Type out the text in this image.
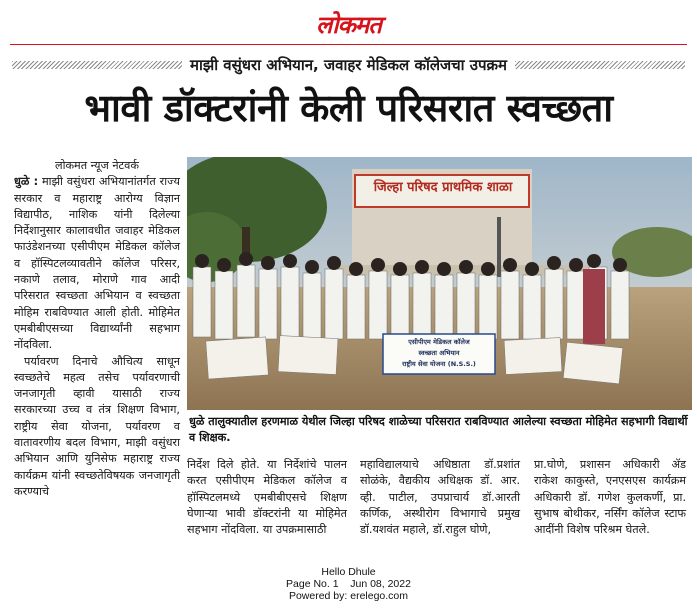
लोकमत
माझी वसुंधरा अभियान, जवाहर मेडिकल कॉलेजचा उपक्रम
भावी डॉक्टरांनी केली परिसरात स्वच्छता

लोकमत न्यूज नेटवर्क

धुळे : माझी वसुंधरा अभियानांतर्गत राज्य सरकार व महाराष्ट्र आरोग्य विज्ञान विद्यापीठ, नाशिक यांनी दिलेल्या निर्देशानुसार कालावधीत जवाहर मेडिकल फाउंडेशनच्या एसीपीएम मेडिकल कॉलेज व हॉस्पिटलव्यावतीने कॉलेज परिसर, नकाणे तलाव, मोराणे गाव आदी परिसरात स्वच्छता अभियान व स्वच्छता मोहिम राबविण्यात आली होती. मोहिमेत एमबीबीएसच्या विद्यार्थ्यांनी सहभाग नोंदविला.

पर्यावरण दिनाचे औचित्य साधून स्वच्छतेचे महत्व तसेच पर्यावरणाची जनजागृती व्हावी यासाठी राज्य सरकारच्या उच्च व तंत्र शिक्षण विभाग, राष्ट्रीय सेवा योजना, पर्यावरण व वातावरणीय बदल विभाग, माझी वसुंधरा अभियान आणि युनिसेफ महाराष्ट्र राज्य कार्यक्रम यांनी स्वच्छतेविषयक जनजागृती करण्याचे

जिल्हा परिषद प्राथमिक शाळा
एसीपीएम मेडिकल कॉलेज
स्वच्छता अभियान
राष्ट्रीय सेवा योजना (N.S.S.)
धुळे तालुक्यातील हरणमाळ येथील जिल्हा परिषद शाळेच्या परिसरात राबविण्यात आलेल्या स्वच्छता मोहिमेत सहभागी विद्यार्थी व शिक्षक.
निर्देश दिले होते. या निर्देशांचे पालन करत एसीपीएम मेडिकल कॉलेज व हॉस्पिटलमध्ये एमबीबीएसचे शिक्षण घेणाऱ्या भावी डॉक्टरांनी या मोहिमेत सहभाग नोंदविला. या उपक्रमासाठी
महाविद्यालयाचे अधिष्ठाता डॉ.प्रशांत सोळंके, वैद्यकीय अधिक्षक डॉ. आर. व्ही. पाटील, उपप्राचार्य डॉ.आरती कर्णिक, अस्थीरोग विभागाचे प्रमुख डॉ.यशवंत महाले, डॉ.राहुल घोणे,
प्रा.घोणे, प्रशासन अधिकारी ॲड राकेश काकुस्ते, एनएसएस कार्यक्रम अधिकारी डॉ. गणेश कुलकर्णी, प्रा. सुभाष बोथीकर, नर्सिंग कॉलेज स्टाफ आदींनी विशेष परिश्रम घेतले.
Hello Dhule
Page No. 1    Jun 08, 2022
Powered by: erelego.com
